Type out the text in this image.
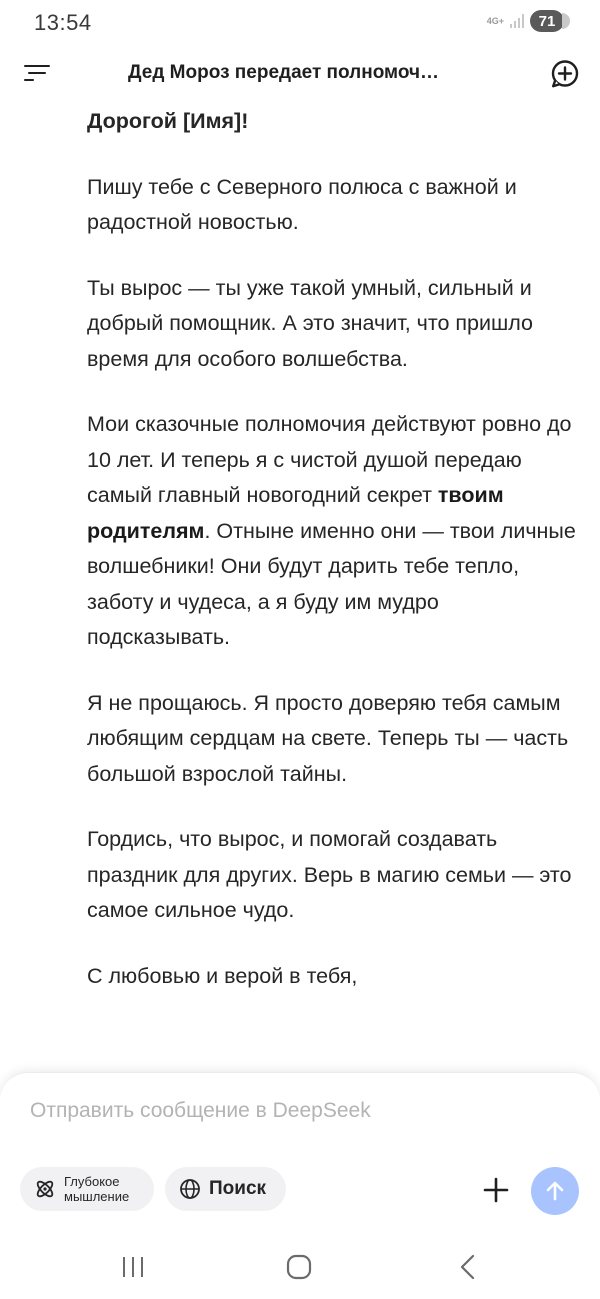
13:54	4G+ 71
Дед Мороз передает полномоч…

Дорогой [Имя]!

Пишу тебе с Северного полюса с важной и радостной новостью.

Ты вырос — ты уже такой умный, сильный и добрый помощник. А это значит, что пришло время для особого волшебства.

Мои сказочные полномочия действуют ровно до 10 лет. И теперь я с чистой душой передаю самый главный новогодний секрет твоим родителям. Отныне именно они — твои личные волшебники! Они будут дарить тебе тепло, заботу и чудеса, а я буду им мудро подсказывать.

Я не прощаюсь. Я просто доверяю тебя самым любящим сердцам на свете. Теперь ты — часть большой взрослой тайны.

Гордись, что вырос, и помогай создавать праздник для других. Верь в магию семьи — это самое сильное чудо.

С любовью и верой в тебя,

Отправить сообщение в DeepSeek
Глубокое мышление	Поиск
